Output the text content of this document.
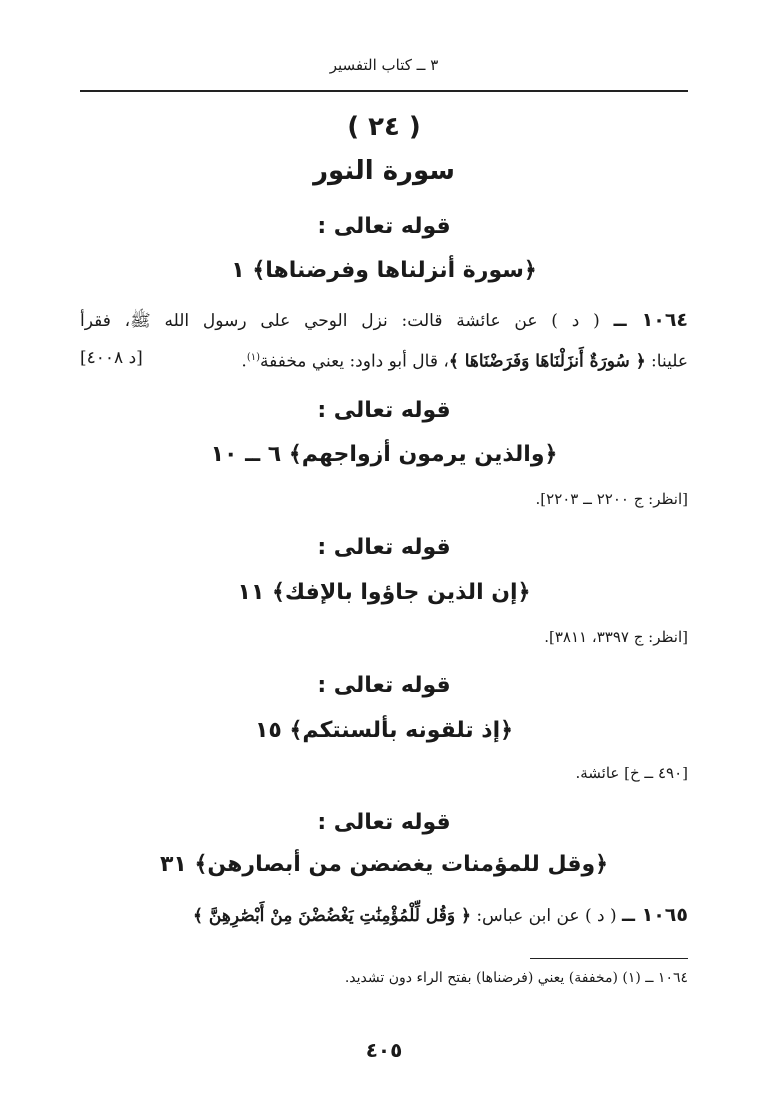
٣ ــ كتاب التفسير
( ٢٤ )
سورة النور
قوله تعالى :
﴿سورة أنزلناها وفرضناها﴾ ١
١٠٦٤ ــ ( د ) عن عائشة قالت: نزل الوحي على رسول الله ﷺ، فقرأ
[د ٤٠٠٨]	علينا: ﴿ سُورَةٌ أَنزَلْنَاهَا وَفَرَضْنَاهَا ﴾، قال أبو داود: يعني مخففة$^{(١)}$.
قوله تعالى :
﴿والذين يرمون أزواجهم﴾ ٦ ــ ١٠
[انظر: ج ٢٢٠٠ ــ ٢٢٠٣].
قوله تعالى :
﴿إن الذين جاؤوا بالإفك﴾ ١١
[انظر: ج ٣٣٩٧، ٣٨١١].
قوله تعالى :
﴿إذ تلقونه بألسنتكم﴾ ١٥
[٤٩٠ ــ خ] عائشة.
قوله تعالى :
﴿وقل للمؤمنات يغضضن من أبصارهن﴾ ٣١
١٠٦٥ ــ ( د ) عن ابن عباس: ﴿ وَقُل لِّلْمُؤْمِنَٰتِ يَغْضُضْنَ مِنْ أَبْصَٰرِهِنَّ ﴾
١٠٦٤ ــ (١) (مخففة) يعني (فرضناها) بفتح الراء دون تشديد.
٤٠٥
